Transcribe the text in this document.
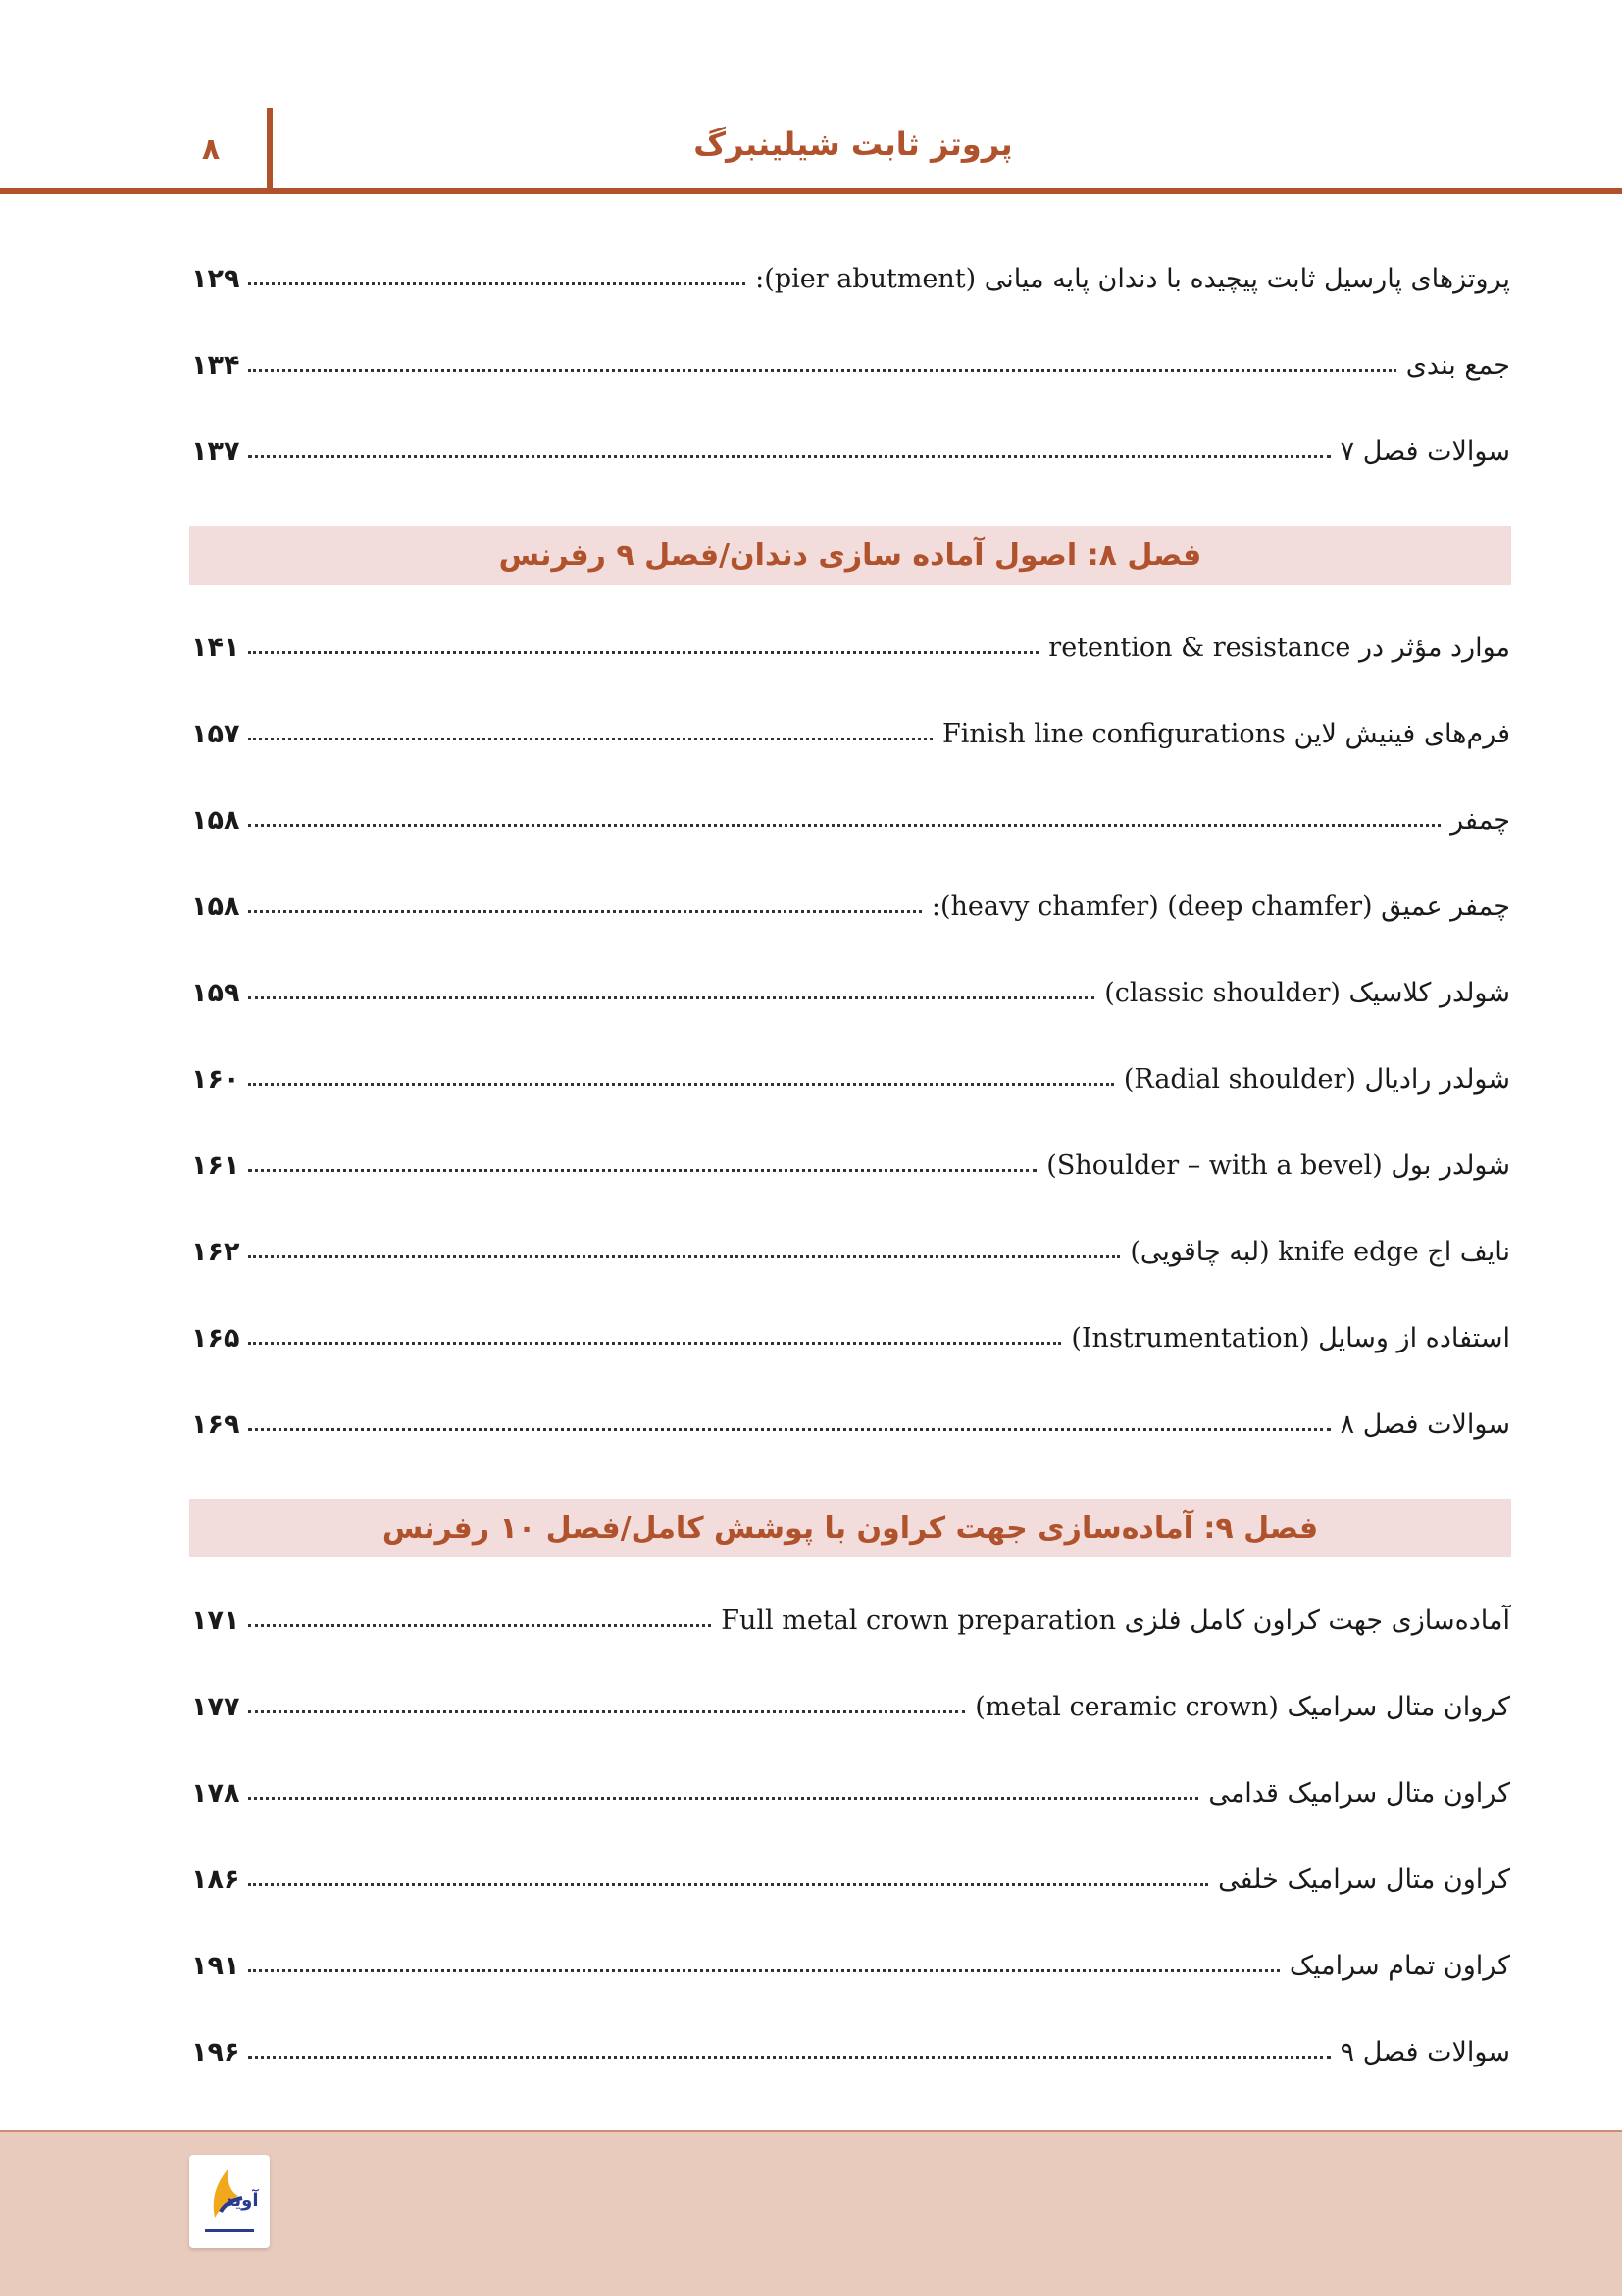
پروتز ثابت شیلینبرگ
۸
پروتزهای پارسیل ثابت پیچیده با دندان پایه میانی (pier abutment):
۱۲۹
جمع بندی
۱۳۴
سوالات فصل ۷
۱۳۷
فصل ۸: اصول آماده سازی دندان/فصل ۹ رفرنس
موارد مؤثر در retention & resistance
۱۴۱
فرم‌های فینیش لاین Finish line configurations
۱۵۷
چمفر
۱۵۸
چمفر عمیق (deep chamfer) (heavy chamfer):
۱۵۸
شولدر کلاسیک (classic shoulder)
۱۵۹
شولدر رادیال (Radial shoulder)
۱۶۰
شولدر بول (Shoulder – with a bevel)
۱۶۱
نایف اج knife edge (لبه چاقویی)
۱۶۲
استفاده از وسایل (Instrumentation)
۱۶۵
سوالات فصل ۸
۱۶۹
فصل ۹: آماده‌سازی جهت کراون با پوشش کامل/فصل ۱۰ رفرنس
آماده‌سازی جهت کراون کامل فلزی Full metal crown preparation
۱۷۱
کروان متال سرامیک (metal ceramic crown)
۱۷۷
کراون متال سرامیک قدامی
۱۷۸
کراون متال سرامیک خلفی
۱۸۶
کراون تمام سرامیک
۱۹۱
سوالات فصل ۹
۱۹۶
آوید
